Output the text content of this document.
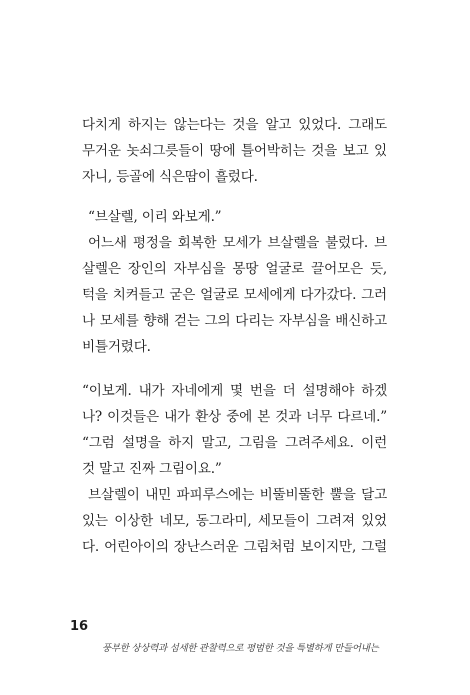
다치게 하지는 않는다는 것을 알고 있었다. 그래도
무거운 놋쇠그릇들이 땅에 틀어박히는 것을 보고 있
자니, 등골에 식은땀이 흘렀다.
“브살렐, 이리 와보게.”
어느새 평정을 회복한 모세가 브살렐을 불렀다. 브
살렐은 장인의 자부심을 몽땅 얼굴로 끌어모은 듯,
턱을 치켜들고 굳은 얼굴로 모세에게 다가갔다. 그러
나 모세를 향해 걷는 그의 다리는 자부심을 배신하고
비틀거렸다.
“이보게. 내가 자네에게 몇 번을 더 설명해야 하겠
나? 이것들은 내가 환상 중에 본 것과 너무 다르네.”
“그럼 설명을 하지 말고, 그림을 그려주세요. 이런
것 말고 진짜 그림이요.”
브살렐이 내민 파피루스에는 비뚤비뚤한 뿔을 달고
있는 이상한 네모, 동그라미, 세모들이 그려져 있었
다. 어린아이의 장난스러운 그림처럼 보이지만, 그럴
16
풍부한 상상력과 섬세한 관찰력으로 평범한 것을 특별하게 만들어내는
